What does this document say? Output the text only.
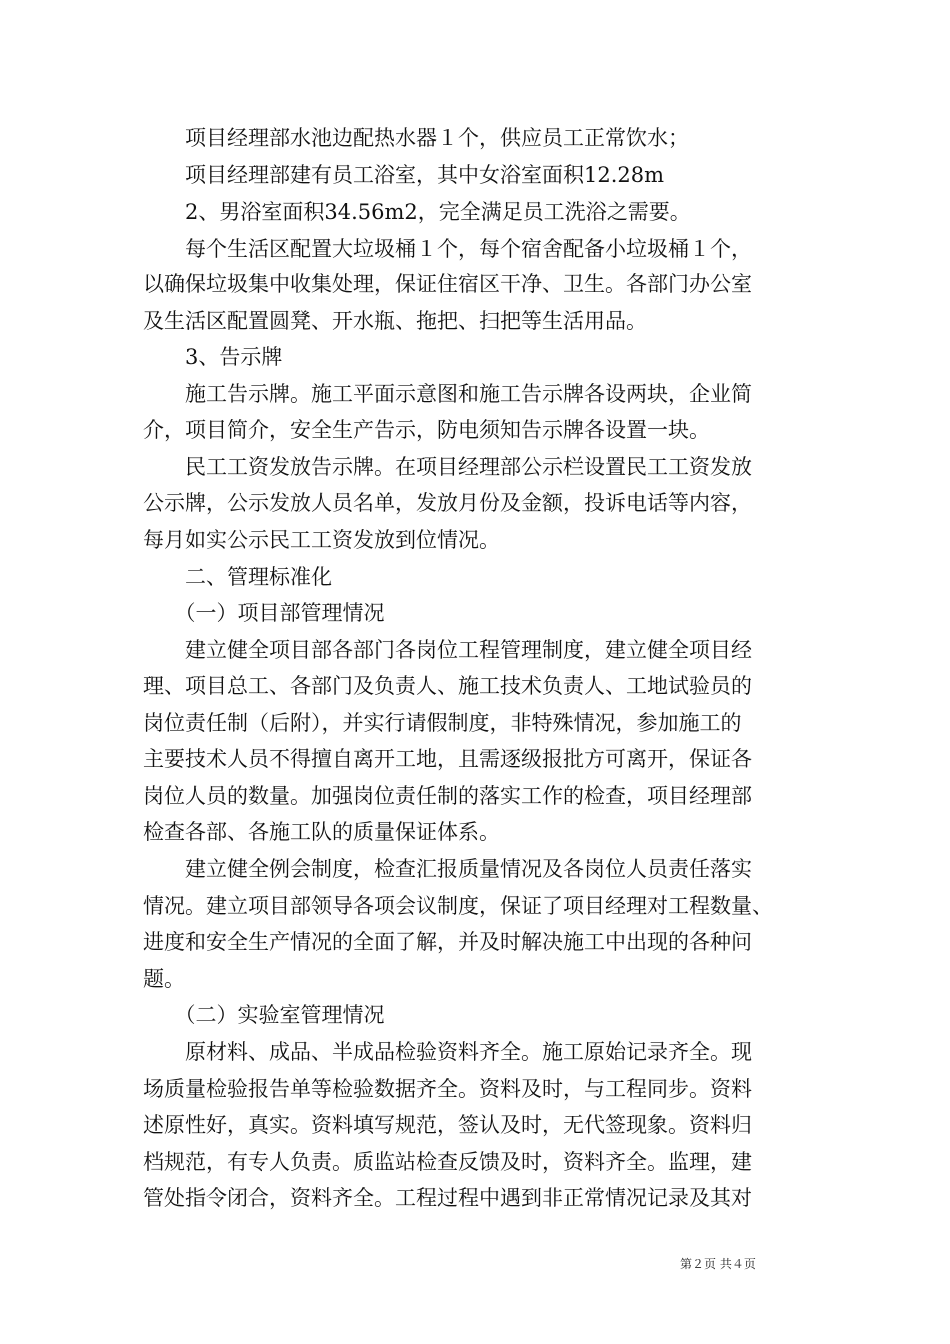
　　项目经理部水池边配热水器１个，供应员工正常饮水；
　　项目经理部建有员工浴室，其中女浴室面积12.28m
　　2、男浴室面积34.56m2，完全满足员工洗浴之需要。
　　每个生活区配置大垃圾桶１个，每个宿舍配备小垃圾桶１个，
以确保垃圾集中收集处理，保证住宿区干净、卫生。各部门办公室
及生活区配置圆凳、开水瓶、拖把、扫把等生活用品。
　　3、告示牌
　　施工告示牌。施工平面示意图和施工告示牌各设两块，企业简
介，项目简介，安全生产告示，防电须知告示牌各设置一块。
　　民工工资发放告示牌。在项目经理部公示栏设置民工工资发放
公示牌，公示发放人员名单，发放月份及金额，投诉电话等内容，
每月如实公示民工工资发放到位情况。
　　二、管理标准化
　　（一）项目部管理情况
　　建立健全项目部各部门各岗位工程管理制度，建立健全项目经
理、项目总工、各部门及负责人、施工技术负责人、工地试验员的
岗位责任制（后附），并实行请假制度，非特殊情况，参加施工的
主要技术人员不得擅自离开工地，且需逐级报批方可离开，保证各
岗位人员的数量。加强岗位责任制的落实工作的检查，项目经理部
检查各部、各施工队的质量保证体系。
　　建立健全例会制度，检查汇报质量情况及各岗位人员责任落实
情况。建立项目部领导各项会议制度，保证了项目经理对工程数量、
进度和安全生产情况的全面了解，并及时解决施工中出现的各种问
题。
　　（二）实验室管理情况
　　原材料、成品、半成品检验资料齐全。施工原始记录齐全。现
场质量检验报告单等检验数据齐全。资料及时，与工程同步。资料
述原性好，真实。资料填写规范，签认及时，无代签现象。资料归
档规范，有专人负责。质监站检查反馈及时，资料齐全。监理，建
管处指令闭合，资料齐全。工程过程中遇到非正常情况记录及其对
第２页 共４页
